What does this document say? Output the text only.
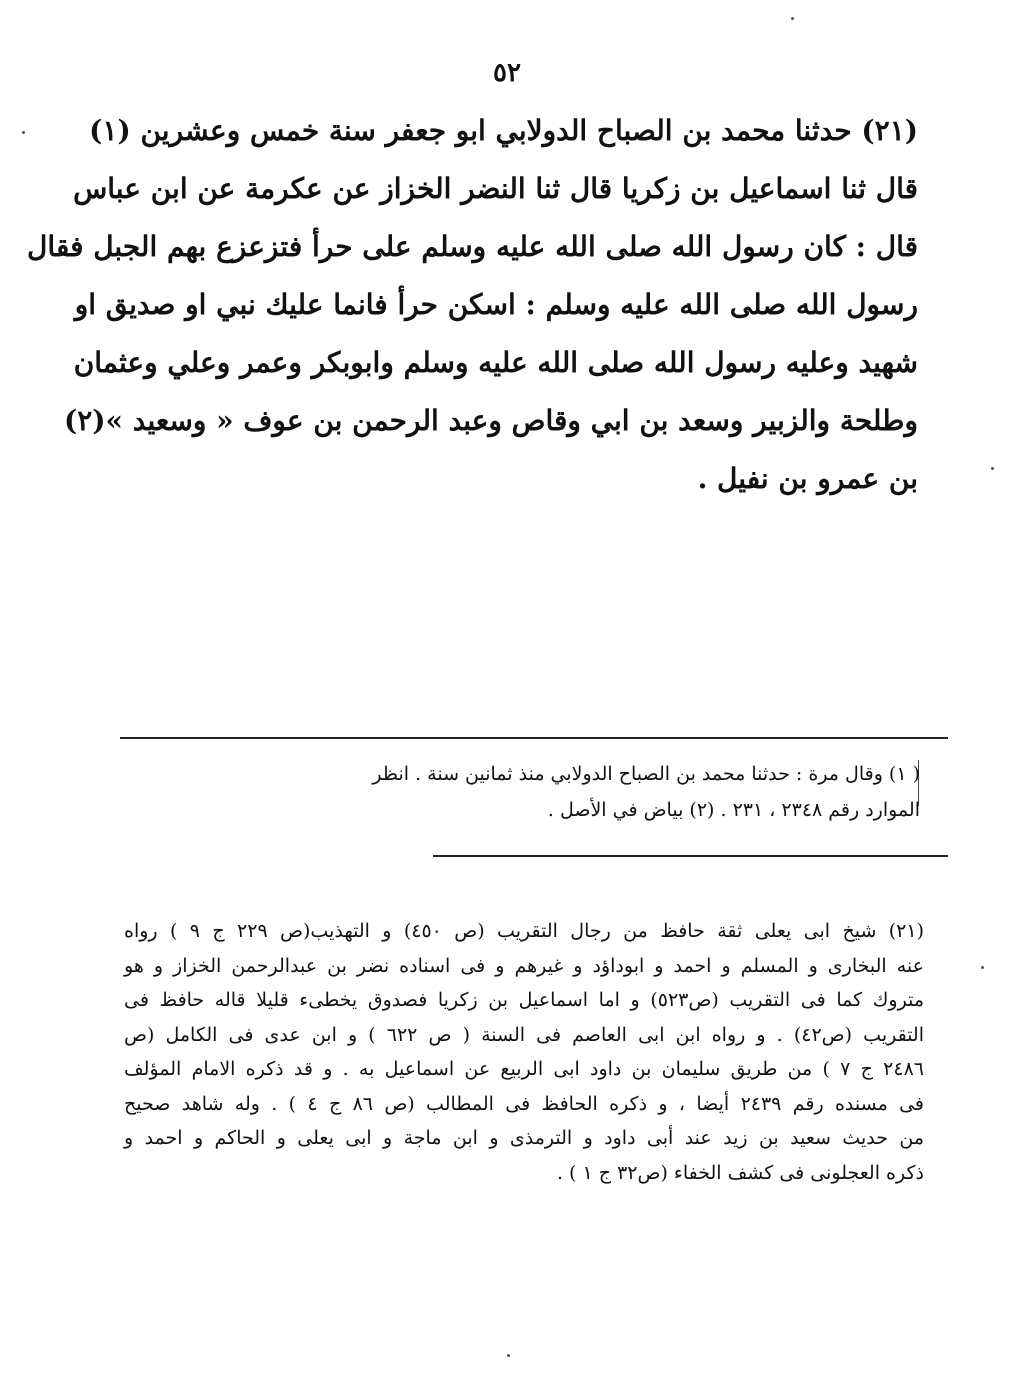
٥٢
(٢١) حدثنا محمد بن الصباح الدولابي ابو جعفر سنة خمس وعشرين (١)
قال ثنا اسماعيل بن زكريا قال ثنا النضر الخزاز عن عكرمة عن ابن عباس
قال : كان رسول الله صلى الله عليه وسلم على حرأ فتزعزع بهم الجبل فقال
رسول الله صلى الله عليه وسلم : اسكن حرأ فانما عليك نبي او صديق او
شهيد وعليه رسول الله صلى الله عليه وسلم وابوبكر وعمر وعلي وعثمان
وطلحة والزبير وسعد بن ابي وقاص وعبد الرحمن بن عوف « وسعيد »(٢)
بن عمرو بن نفيل .
( ١) وقال مرة : حدثنا محمد بن الصباح الدولابي منذ ثمانين سنة . انظر
الموارد رقم ٢٣٤٨ ، ٢٣١ . (٢) بياض في الأصل .
(٢١) شيخ ابى يعلى ثقة حافظ من رجال التقريب (ص ٤٥٠) و التهذيب(ص ٢٢٩ ج ٩ ) رواه
عنه البخارى و المسلم و احمد و ابوداؤد و غيرهم و فى اسناده نضر بن عبدالرحمن الخزاز و هو
متروك كما فى التقريب (ص٥٢٣) و اما اسماعيل بن زكريا فصدوق يخطىء قليلا قاله حافظ فى
التقريب (ص٤٢) . و رواه ابن ابى العاصم فى السنة ( ص ٦٢٢ ) و ابن عدى فى الكامل (ص
٢٤٨٦ ج ٧ ) من طريق سليمان بن داود ابى الربيع عن اسماعيل به . و قد ذكره الامام المؤلف
فى مسنده رقم ٢٤٣٩ أيضا ، و ذكره الحافظ فى المطالب (ص ٨٦ ج ٤ ) . وله شاهد صحيح
من حديث سعيد بن زيد عند أبى داود و الترمذى و ابن ماجة و ابى يعلى و الحاكم و احمد و
ذكره العجلونى فى كشف الخفاء (ص٣٢ ج ١ ) .
